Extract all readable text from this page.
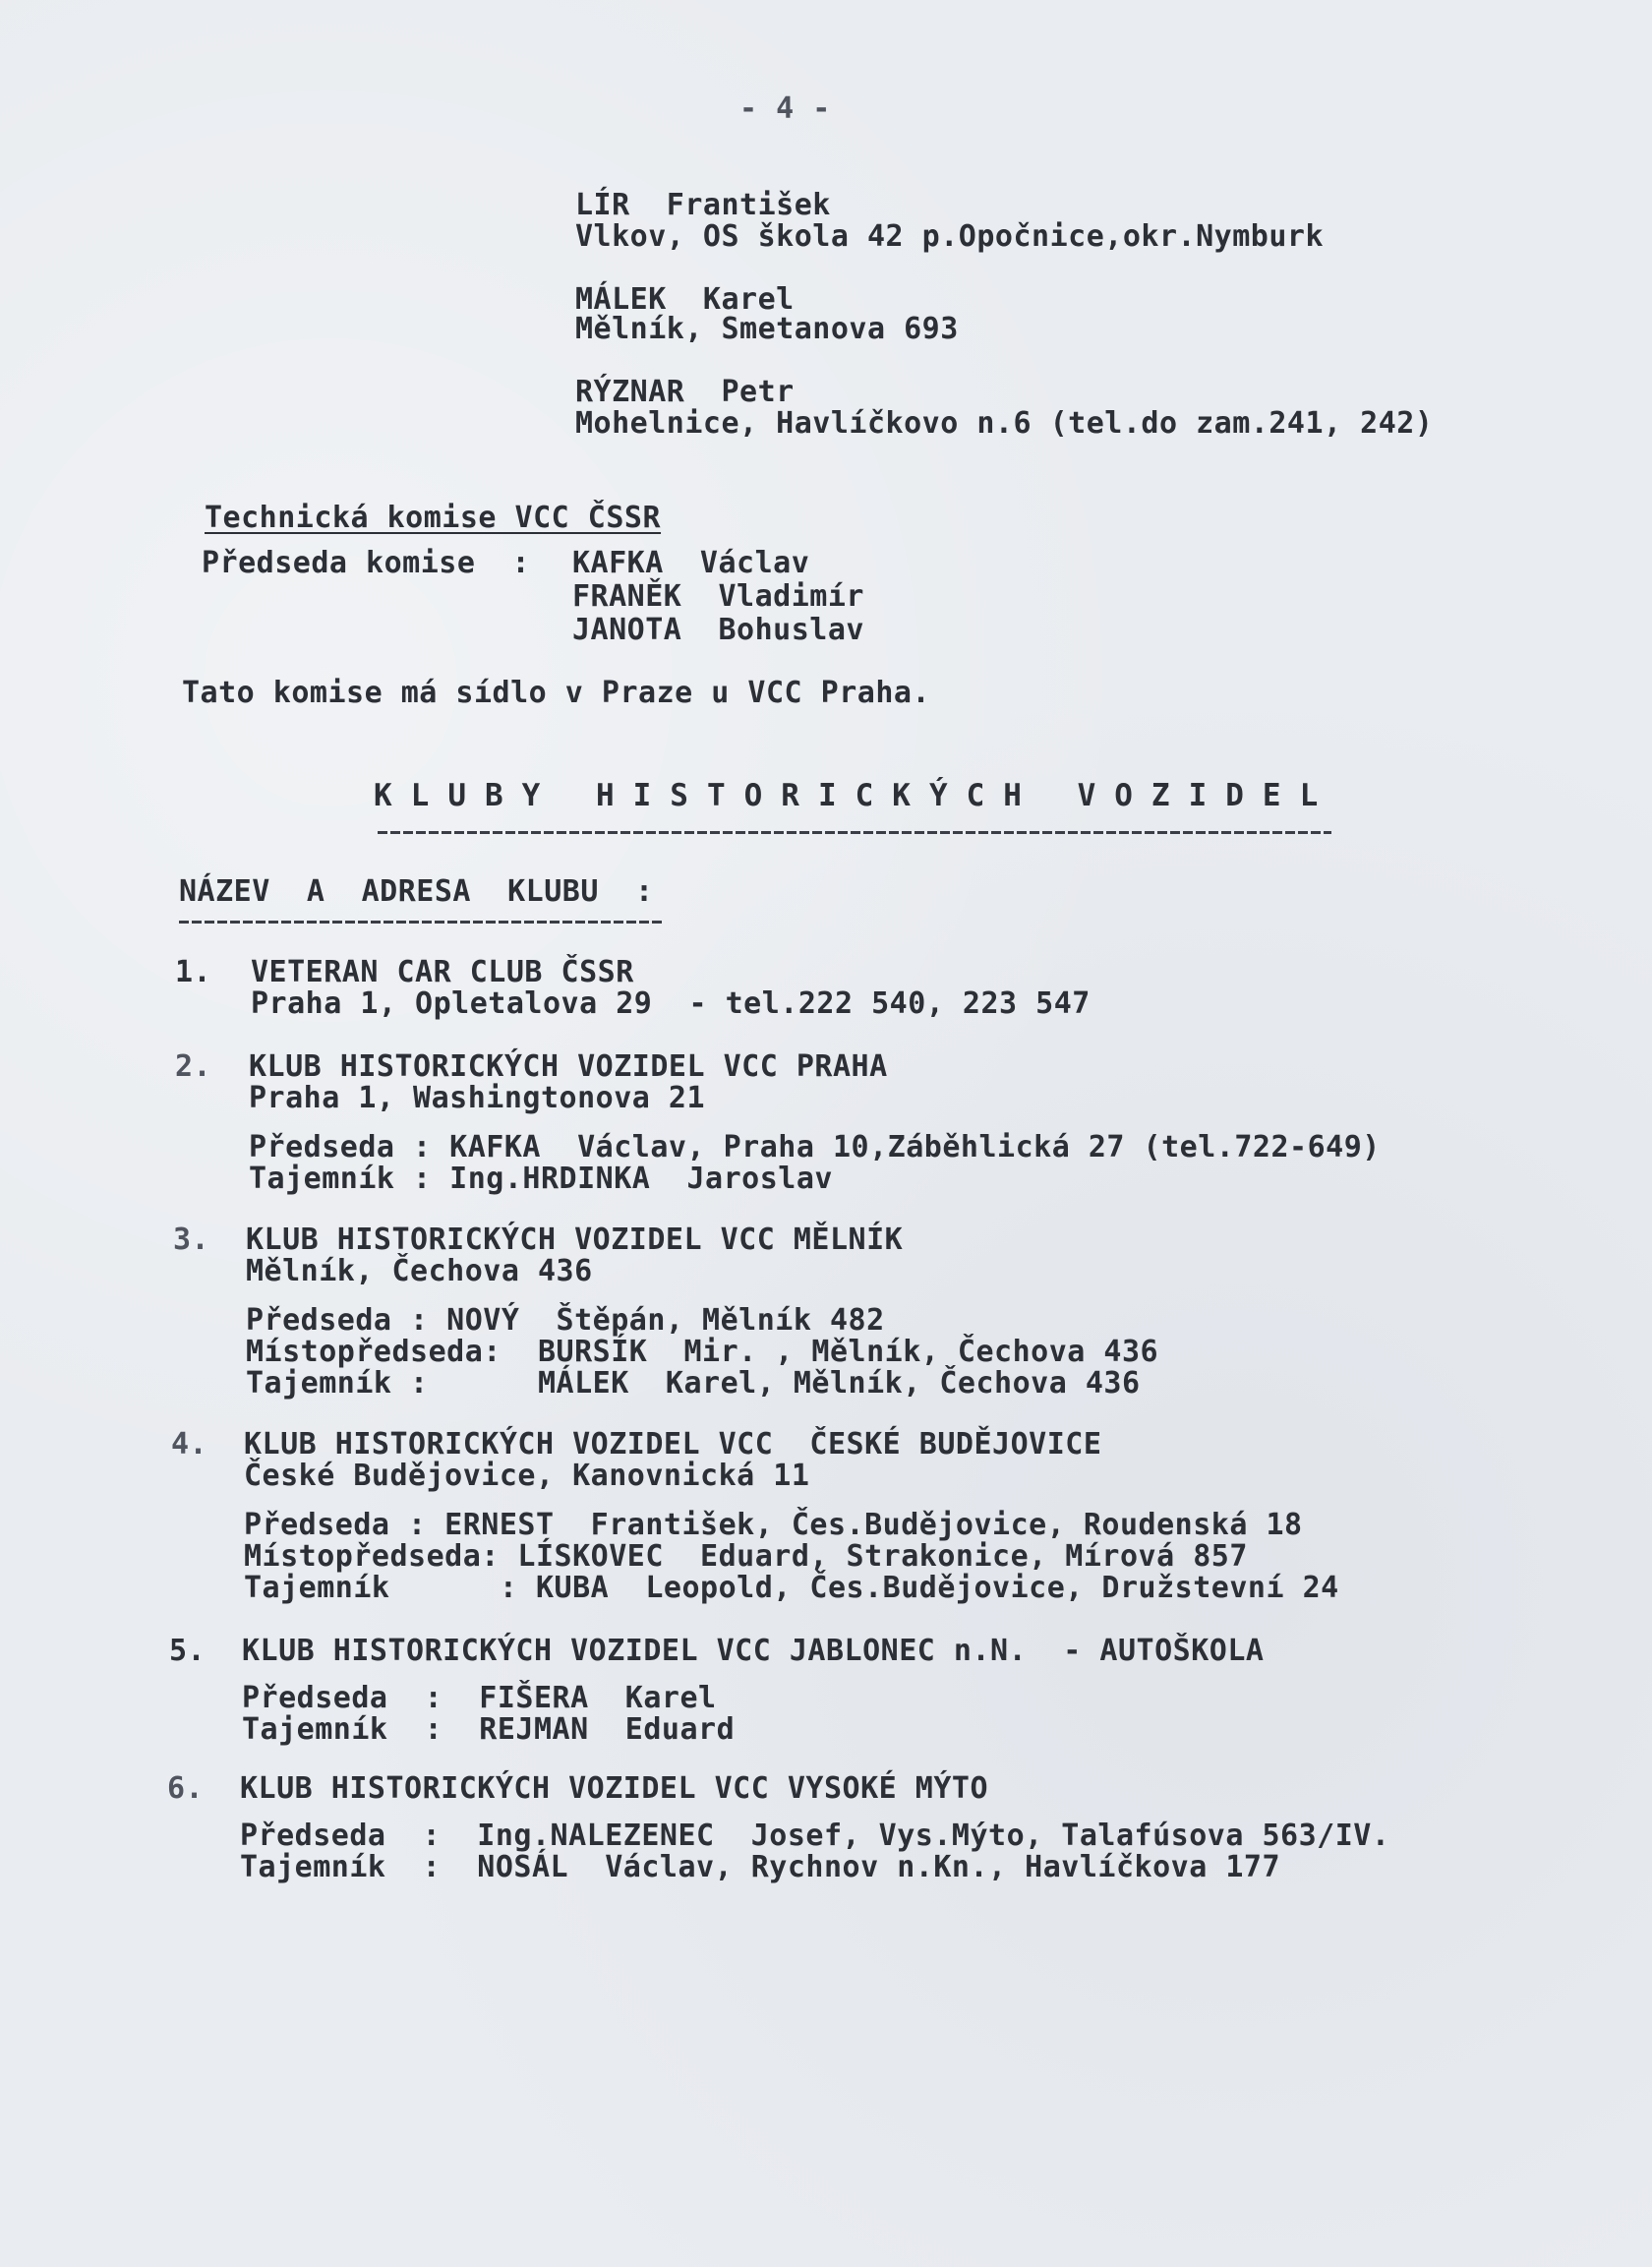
- 4 -
LÍR  František
Vlkov, OS škola 42 p.Opočnice,okr.Nymburk
MÁLEK  Karel
Mělník, Smetanova 693
RÝZNAR  Petr
Mohelnice, Havlíčkovo n.6 (tel.do zam.241, 242)
Technická komise VCC ČSSR
Předseda komise  : KAFKA  Václav
FRANĚK  Vladimír
JANOTA  Bohuslav
Tato komise má sídlo v Praze u VCC Praha.
KLUBY HISTORICKÝCH VOZIDEL
NÁZEV  A  ADRESA  KLUBU  :
1. VETERAN CAR CLUB ČSSR
Praha 1, Opletalova 29  - tel.222 540, 223 547
2. KLUB HISTORICKÝCH VOZIDEL VCC PRAHA
Praha 1, Washingtonova 21
Předseda : KAFKA  Václav, Praha 10,Záběhlická 27 (tel.722-649)
Tajemník : Ing.HRDINKA  Jaroslav
3. KLUB HISTORICKÝCH VOZIDEL VCC MĚLNÍK
Mělník, Čechova 436
Předseda : NOVÝ  Štěpán, Mělník 482
Místopředseda:  BURSÍK  Mir. , Mělník, Čechova 436
Tajemník :      MÁLEK  Karel, Mělník, Čechova 436
4. KLUB HISTORICKÝCH VOZIDEL VCC  ČESKÉ BUDĚJOVICE
České Budějovice, Kanovnická 11
Předseda : ERNEST  František, Čes.Budějovice, Roudenská 18
Místopředseda: LÍSKOVEC  Eduard, Strakonice, Mírová 857
Tajemník      : KUBA  Leopold, Čes.Budějovice, Družstevní 24
5. KLUB HISTORICKÝCH VOZIDEL VCC JABLONEC n.N.  - AUTOŠKOLA
Předseda  :  FIŠERA  Karel
Tajemník  :  REJMAN  Eduard
6. KLUB HISTORICKÝCH VOZIDEL VCC VYSOKÉ MÝTO
Předseda  :  Ing.NALEZENEC  Josef, Vys.Mýto, Talafúsova 563/IV.
Tajemník  :  NOSÁL  Václav, Rychnov n.Kn., Havlíčkova 177
